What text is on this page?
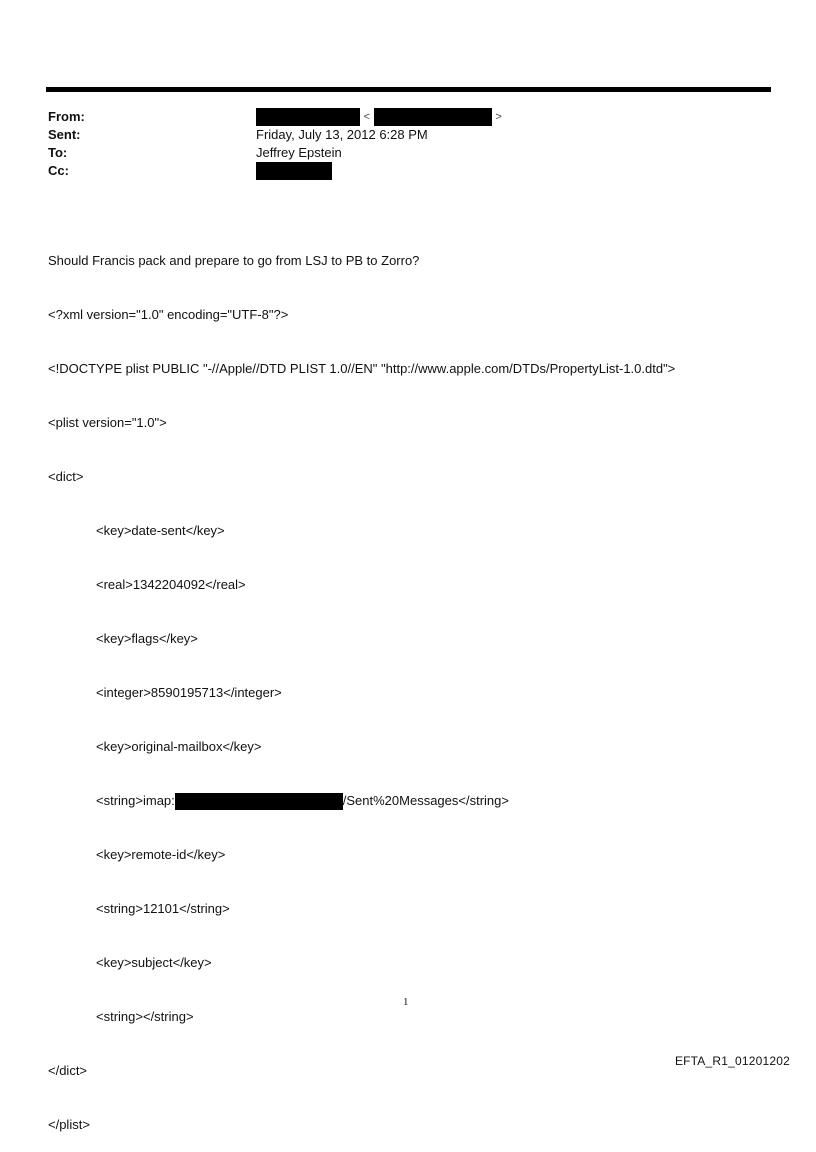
From:	<	>
Sent:	Friday, July 13, 2012 6:28 PM
To:	Jeffrey Epstein
Cc:

Should Francis pack and prepare to go from LSJ to PB to Zorro?

<?xml version="1.0" encoding="UTF-8"?>

<!DOCTYPE plist PUBLIC "-//Apple//DTD PLIST 1.0//EN" "http://www.apple.com/DTDs/PropertyList-1.0.dtd">

<plist version="1.0">

<dict>

<key>date-sent</key>

<real>1342204092</real>

<key>flags</key>

<integer>8590195713</integer>

<key>original-mailbox</key>

<string>imap:	/Sent%20Messages</string>

<key>remote-id</key>

<string>12101</string>

<key>subject</key>

<string></string>

</dict>

</plist>

1
EFTA_R1_01201202
